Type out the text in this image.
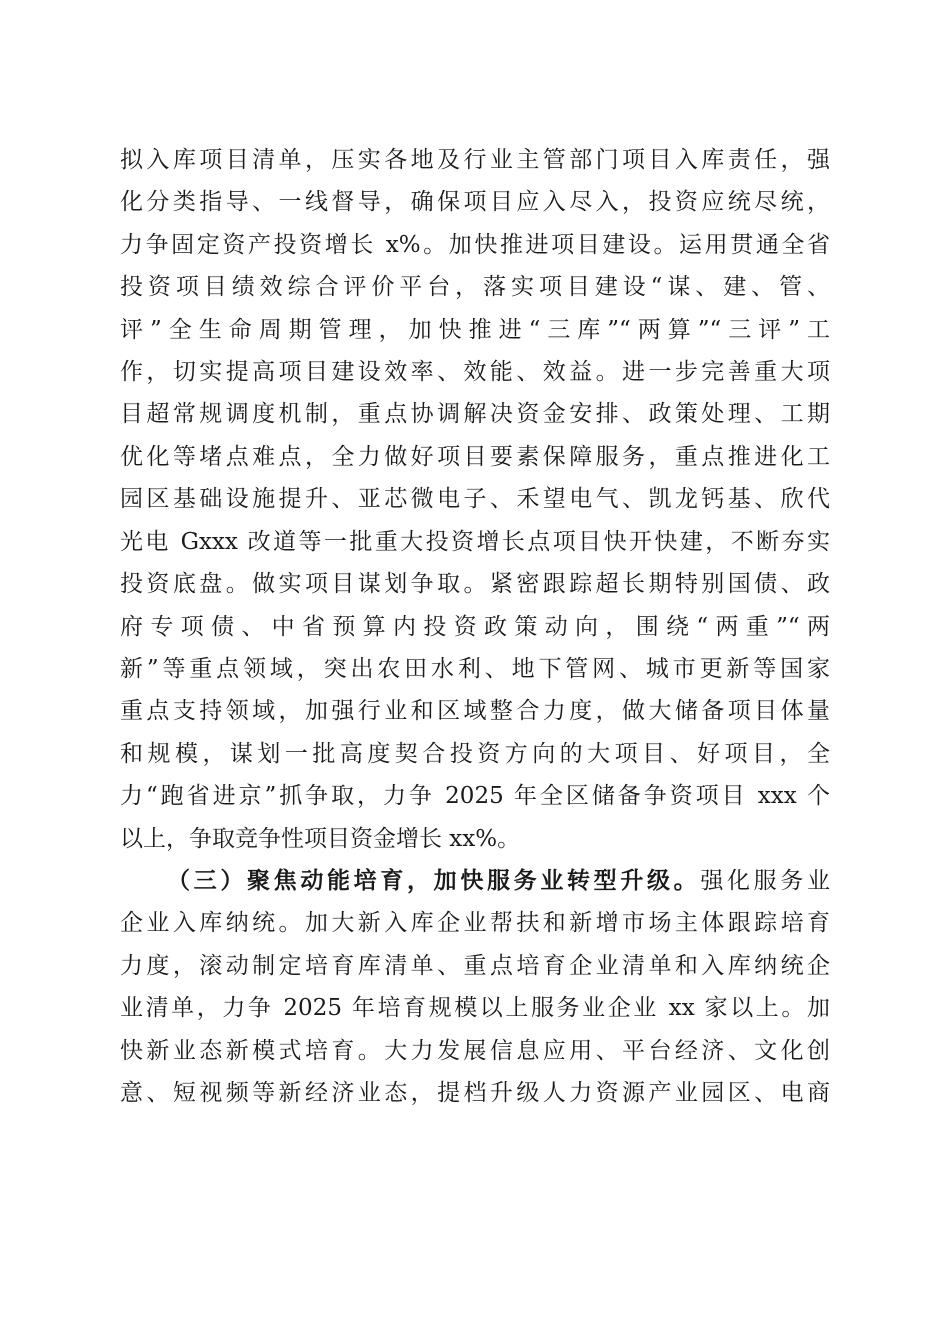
拟入库项目清单，压实各地及行业主管部门项目入库责任，强
化分类指导、一线督导，确保项目应入尽入，投资应统尽统，
力争固定资产投资增长 x%。加快推进项目建设。运用贯通全省
投资项目绩效综合评价平台，落实项目建设“谋、建、管、
评”全生命周期管理，加快推进“三库”“两算”“三评”工
作，切实提高项目建设效率、效能、效益。进一步完善重大项
目超常规调度机制，重点协调解决资金安排、政策处理、工期
优化等堵点难点，全力做好项目要素保障服务，重点推进化工
园区基础设施提升、亚芯微电子、禾望电气、凯龙钙基、欣代
光电 Gxxx 改道等一批重大投资增长点项目快开快建，不断夯实
投资底盘。做实项目谋划争取。紧密跟踪超长期特别国债、政
府专项债、中省预算内投资政策动向，围绕“两重”“两
新”等重点领域，突出农田水利、地下管网、城市更新等国家
重点支持领域，加强行业和区域整合力度，做大储备项目体量
和规模，谋划一批高度契合投资方向的大项目、好项目，全
力“跑省进京”抓争取，力争 2025 年全区储备争资项目 xxx 个
以上，争取竞争性项目资金增长 xx%。
（三）聚焦动能培育，加快服务业转型升级。强化服务业
企业入库纳统。加大新入库企业帮扶和新增市场主体跟踪培育
力度，滚动制定培育库清单、重点培育企业清单和入库纳统企
业清单，力争 2025 年培育规模以上服务业企业 xx 家以上。加
快新业态新模式培育。大力发展信息应用、平台经济、文化创
意、短视频等新经济业态，提档升级人力资源产业园区、电商
